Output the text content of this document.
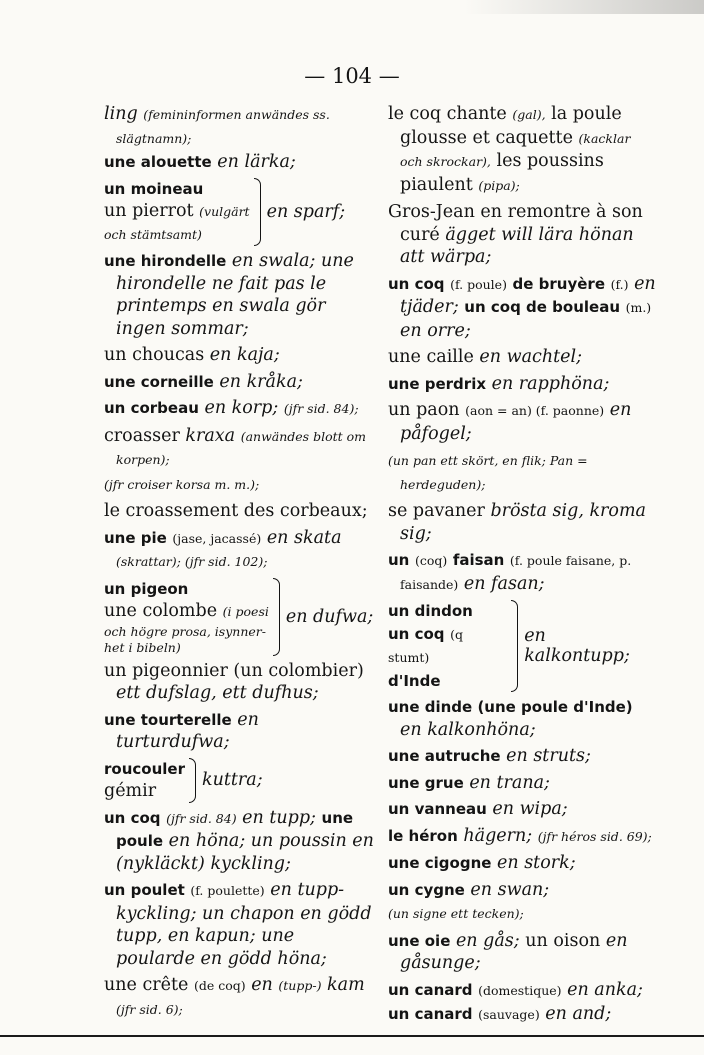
— 104 —
ling (femininformen anwändes ss. slägtnamn);
une alouette en lärka;
un moineau
un pierrot (vulgärt
och stämtsamt)
en sparf;
une hirondelle en swala; une hirondelle ne fait pas le printemps en swala gör ingen sommar;
un choucas en kaja;
une corneille en kråka;
un corbeau en korp; (jfr sid. 84);
croasser kraxa (anwändes blott om korpen);
(jfr croiser korsa m. m.);
le croassement des corbeaux;
une pie (jase, jacassé) en skata (skrattar); (jfr sid. 102);
un pigeon
une colombe (i poesi
och högre prosa, isynner-
het i bibeln)
en dufwa;
un pigeonnier (un colombier) ett dufslag, ett dufhus;
une tourterelle en turturdufwa;
roucouler
gémir
kuttra;
un coq (jfr sid. 84) en tupp; une poule en höna; un poussin en (nykläckt) kyckling;
un poulet (f. poulette) en tupp-kyckling; un chapon en gödd tupp, en kapun; une poularde en gödd höna;
une crête (de coq) en (tupp-) kam (jfr sid. 6);
le coq chante (gal), la poule glousse et caquette (kacklar och skrockar), les poussins piaulent (pipa);
Gros-Jean en remontre à son curé ägget will lära hönan att wärpa;
un coq (f. poule) de bruyère (f.) en tjäder; un coq de bouleau (m.) en orre;
une caille en wachtel;
une perdrix en rapphöna;
un paon (aon = an) (f. paonne) en påfogel;
(un pan ett skört, en flik; Pan = herdeguden);
se pavaner brösta sig, kroma sig;
un (coq) faisan (f. poule faisane, p. faisande) en fasan;
un dindon
un coq (q stumt)
d'Inde
en kalkontupp;
une dinde (une poule d'Inde) en kalkonhöna;
une autruche en struts;
une grue en trana;
un vanneau en wipa;
le héron hägern; (jfr héros sid. 69);
une cigogne en stork;
un cygne en swan;
(un signe ett tecken);
une oie en gås; un oison en gåsunge;
un canard (domestique) en anka;
un canard (sauvage) en and;
